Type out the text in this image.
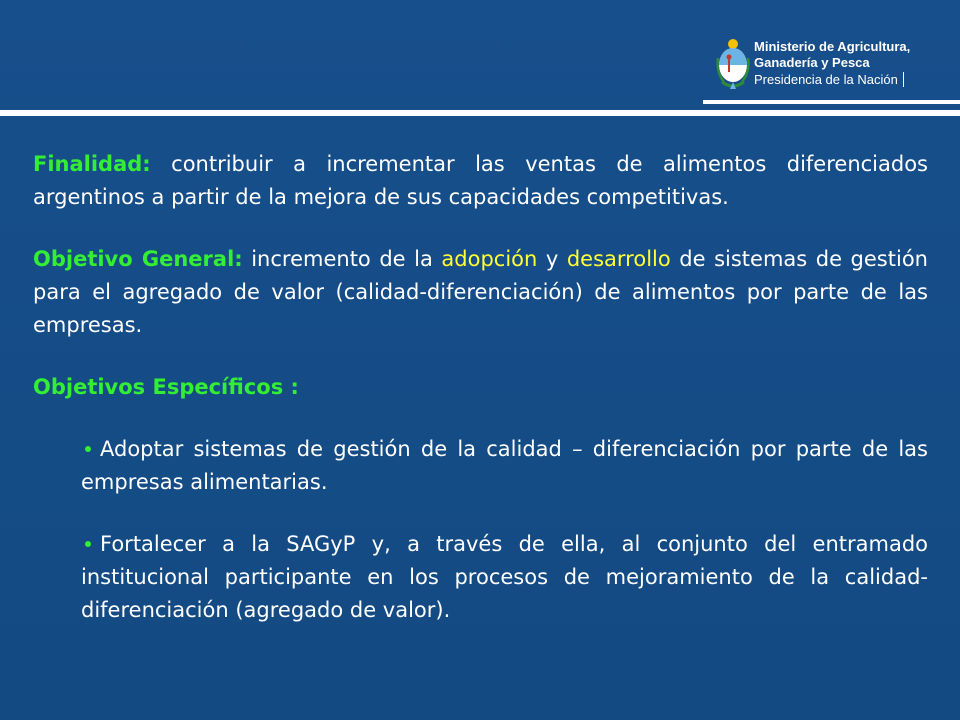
Ministerio de Agricultura,
Ganadería y Pesca
Presidencia de la Nación

Finalidad: contribuir a incrementar las ventas de alimentos diferenciados argentinos a partir de la mejora de sus capacidades competitivas.

Objetivo General: incremento de la adopción y desarrollo de sistemas de gestión para el agregado de valor (calidad-diferenciación) de alimentos por parte de las empresas.

Objetivos Específicos :

Adoptar sistemas de gestión de la calidad – diferenciación por parte de las empresas alimentarias.

Fortalecer a la SAGyP y, a través de ella, al conjunto del entramado institucional participante en los procesos de mejoramiento de la calidad-diferenciación (agregado de valor).
